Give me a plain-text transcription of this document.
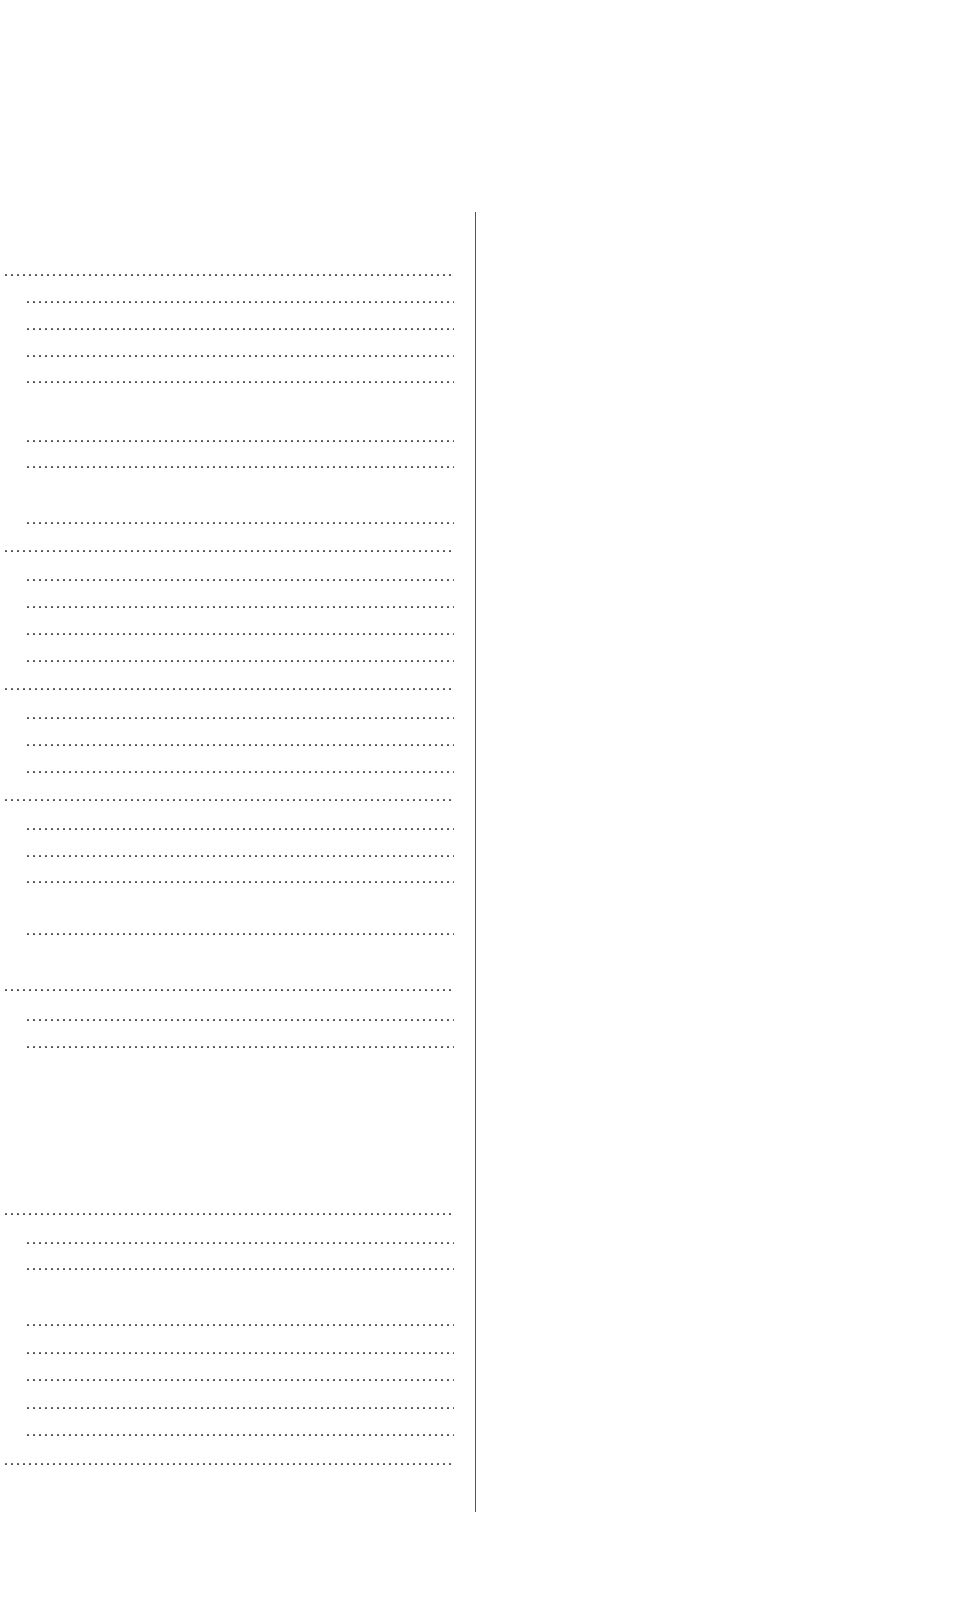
.....
.....
.....
.....
.....
.....
.....
.....
.....
.....
.....
.....
.....
.....
.....
.....
.....
.....
.....
.....
.....
.....
.....
.....
.....
.....
.....
.....
.....
.....
.....
.....
.....
.....
